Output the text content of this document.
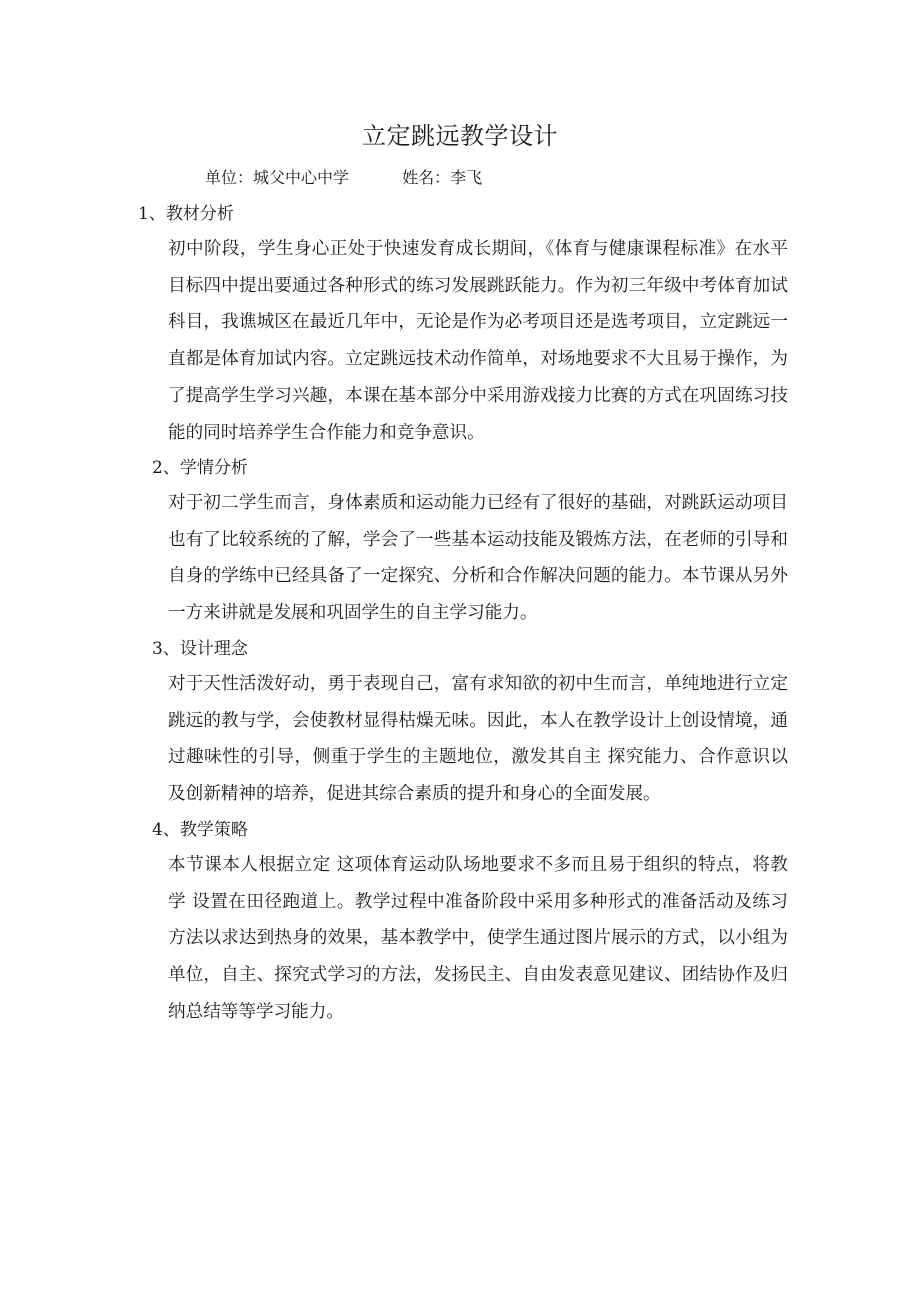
立定跳远教学设计
单位：城父中心中学	姓名：李飞
1、教材分析

初中阶段，学生身心正处于快速发育成长期间，《体育与健康课程标准》在水平目标四中提出要通过各种形式的练习发展跳跃能力。作为初三年级中考体育加试科目，我谯城区在最近几年中，无论是作为必考项目还是选考项目，立定跳远一直都是体育加试内容。立定跳远技术动作简单，对场地要求不大且易于操作，为了提高学生学习兴趣，本课在基本部分中采用游戏接力比赛的方式在巩固练习技能的同时培养学生合作能力和竞争意识。

2、学情分析

对于初二学生而言，身体素质和运动能力已经有了很好的基础，对跳跃运动项目也有了比较系统的了解，学会了一些基本运动技能及锻炼方法，在老师的引导和自身的学练中已经具备了一定探究、分析和合作解决问题的能力。本节课从另外一方来讲就是发展和巩固学生的自主学习能力。

3、设计理念

对于天性活泼好动，勇于表现自己，富有求知欲的初中生而言，单纯地进行立定跳远的教与学，会使教材显得枯燥无味。因此，本人在教学设计上创设情境，通过趣味性的引导，侧重于学生的主题地位，激发其自主 探究能力、合作意识以及创新精神的培养，促进其综合素质的提升和身心的全面发展。

4、教学策略

本节课本人根据立定 这项体育运动队场地要求不多而且易于组织的特点，将教学 设置在田径跑道上。教学过程中准备阶段中采用多种形式的准备活动及练习方法以求达到热身的效果，基本教学中，使学生通过图片展示的方式，以小组为单位，自主、探究式学习的方法，发扬民主、自由发表意见建议、团结协作及归纳总结等等学习能力。
